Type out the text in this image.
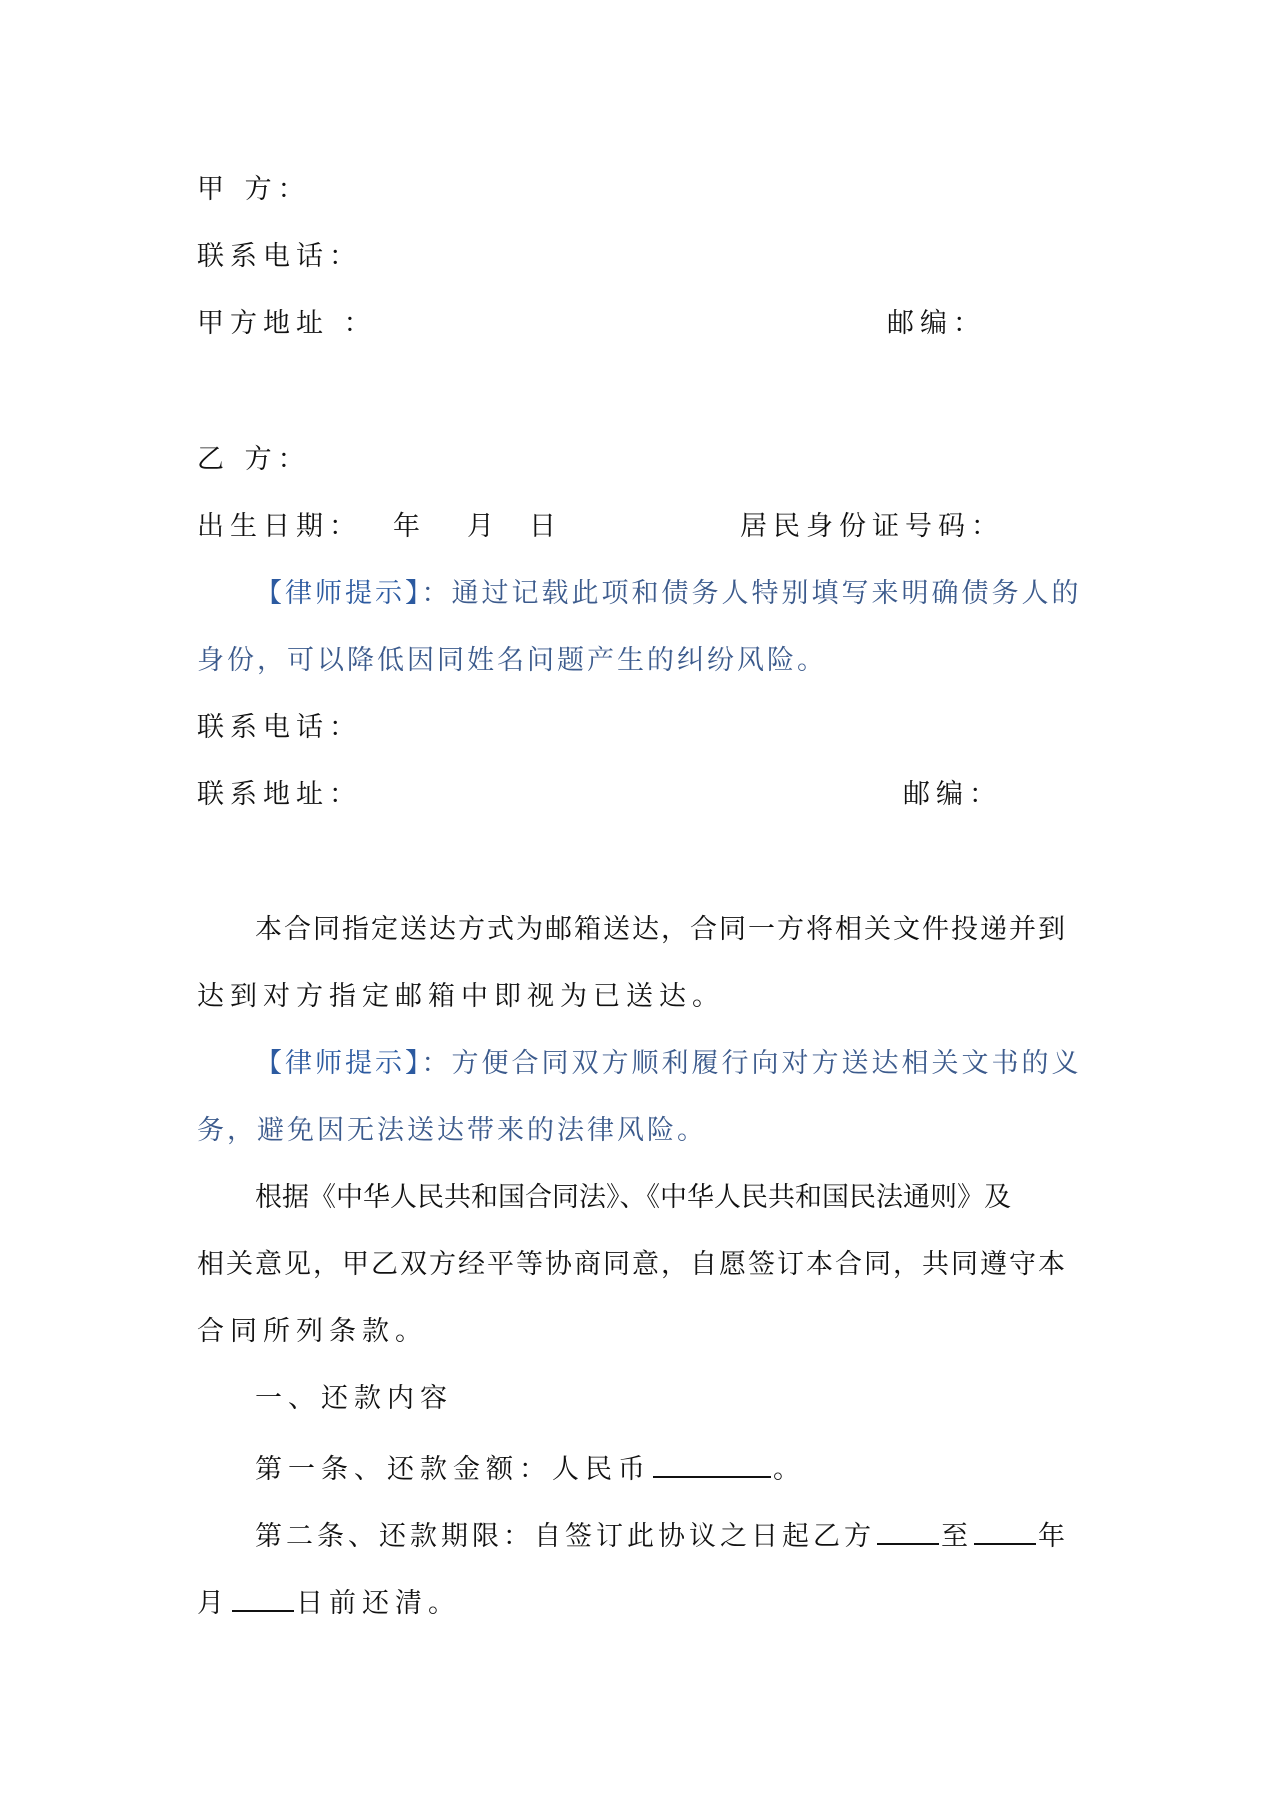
甲 方：
联系电话：
甲方地址 ：	邮编：
乙 方：
出生日期： 年 月 日	居民身份证号码：
【律师提示】：通过记载此项和债务人特别填写来明确债务人的
身份，可以降低因同姓名问题产生的纠纷风险。
联系电话：
联系地址：	邮编：
本合同指定送达方式为邮箱送达，合同一方将相关文件投递并到
达到对方指定邮箱中即视为已送达。
【律师提示】：方便合同双方顺利履行向对方送达相关文书的义
务，避免因无法送达带来的法律风险。
根据《中华人民共和国合同法》、《中华人民共和国民法通则》及
相关意见，甲乙双方经平等协商同意，自愿签订本合同，共同遵守本
合同所列条款。
一、还款内容
第一条、还款金额：人民币	。
第二条、还款期限：自签订此协议之日起乙方 至 年
月 日前还清。
